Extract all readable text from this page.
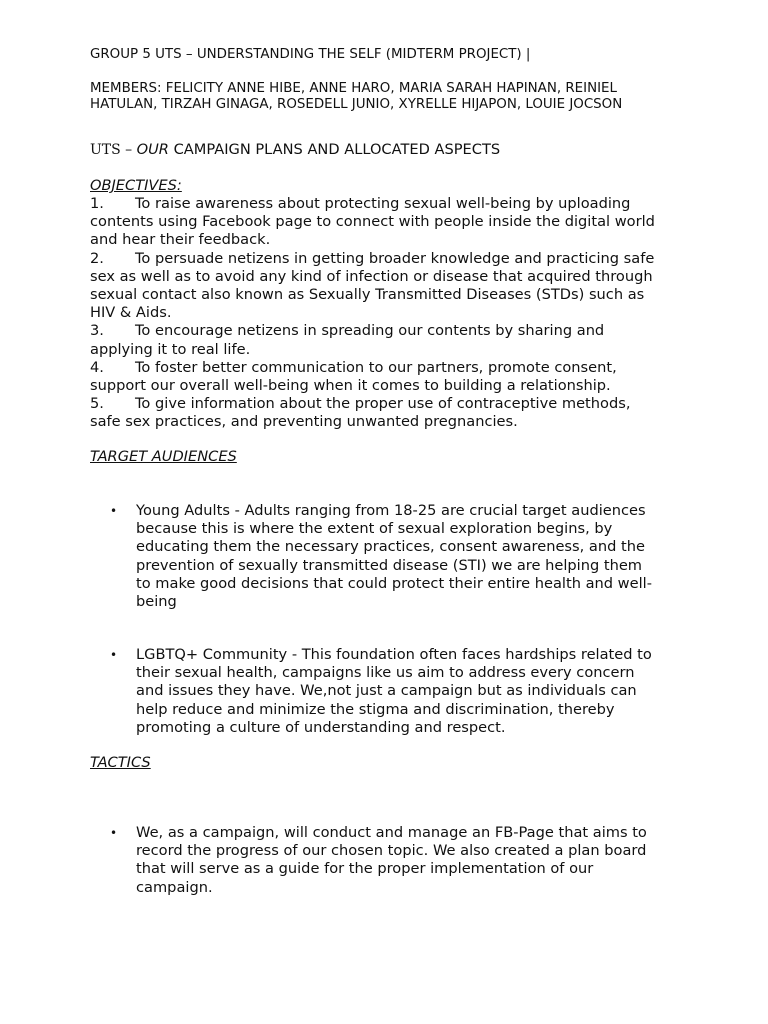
GROUP 5 UTS – UNDERSTANDING THE SELF (MIDTERM PROJECT) |
MEMBERS: FELICITY ANNE HIBE, ANNE HARO, MARIA SARAH HAPINAN, REINIEL
HATULAN, TIRZAH GINAGA, ROSEDELL JUNIO, XYRELLE HIJAPON, LOUIE JOCSON
UTS – OUR CAMPAIGN PLANS AND ALLOCATED ASPECTS
OBJECTIVES:
1. To raise awareness about protecting sexual well-being by uploading
contents using Facebook page to connect with people inside the digital world
and hear their feedback.
2. To persuade netizens in getting broader knowledge and practicing safe
sex as well as to avoid any kind of infection or disease that acquired through
sexual contact also known as Sexually Transmitted Diseases (STDs) such as
HIV & Aids.
3. To encourage netizens in spreading our contents by sharing and
applying it to real life.
4. To foster better communication to our partners, promote consent,
support our overall well-being when it comes to building a relationship.
5. To give information about the proper use of contraceptive methods,
safe sex practices, and preventing unwanted pregnancies.
TARGET AUDIENCES
• Young Adults - Adults ranging from 18-25 are crucial target audiences
because this is where the extent of sexual exploration begins, by
educating them the necessary practices, consent awareness, and the
prevention of sexually transmitted disease (STI) we are helping them
to make good decisions that could protect their entire health and well-
being
• LGBTQ+ Community - This foundation often faces hardships related to
their sexual health, campaigns like us aim to address every concern
and issues they have. We,not just a campaign but as individuals can
help reduce and minimize the stigma and discrimination, thereby
promoting a culture of understanding and respect.
TACTICS
• We, as a campaign, will conduct and manage an FB-Page that aims to
record the progress of our chosen topic. We also created a plan board
that will serve as a guide for the proper implementation of our
campaign.
